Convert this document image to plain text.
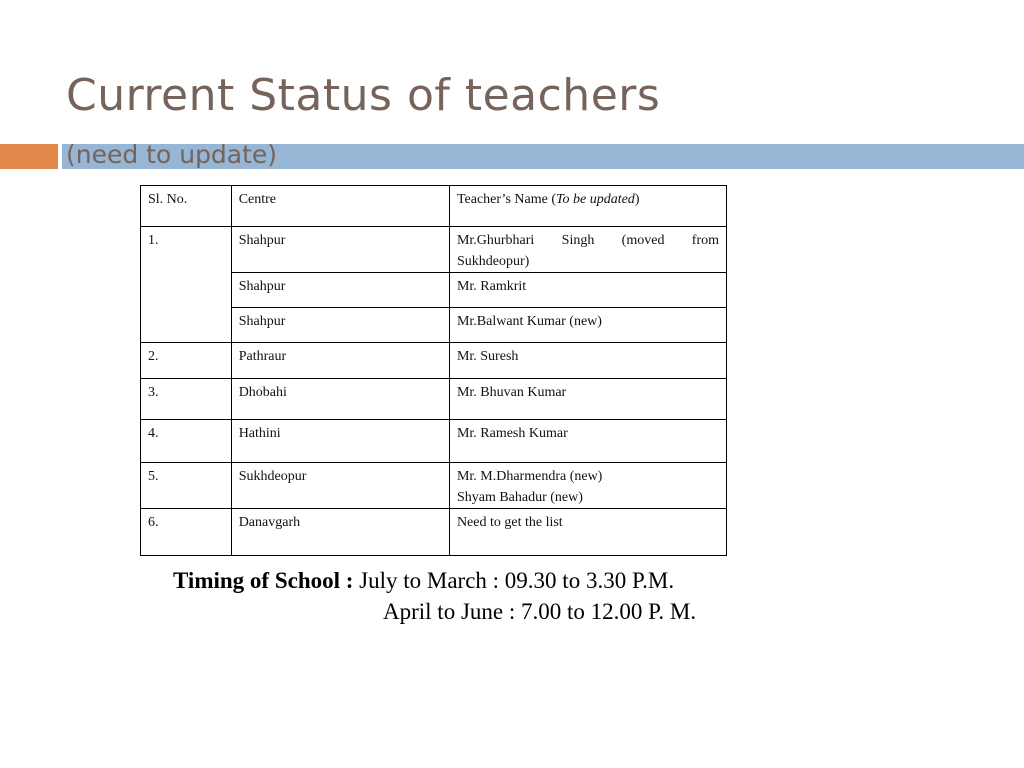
Current Status of teachers
(need to update)
Sl. No.	Centre	Teacher’s Name (To be updated)
1.	Shahpur	Mr.Ghurbhari Singh (moved from Sukhdeopur)
	Shahpur	Mr. Ramkrit
	Shahpur	Mr.Balwant Kumar (new)
2.	Pathraur	Mr. Suresh
3.	Dhobahi	Mr. Bhuvan Kumar
4.	Hathini	Mr. Ramesh Kumar
5.	Sukhdeopur	Mr. M.Dharmendra (new)
Shyam Bahadur (new)

6.	Danavgarh	Need to get the list
Timing of School : July to March : 09.30 to 3.30 P.M.
April to June : 7.00 to 12.00 P. M.
